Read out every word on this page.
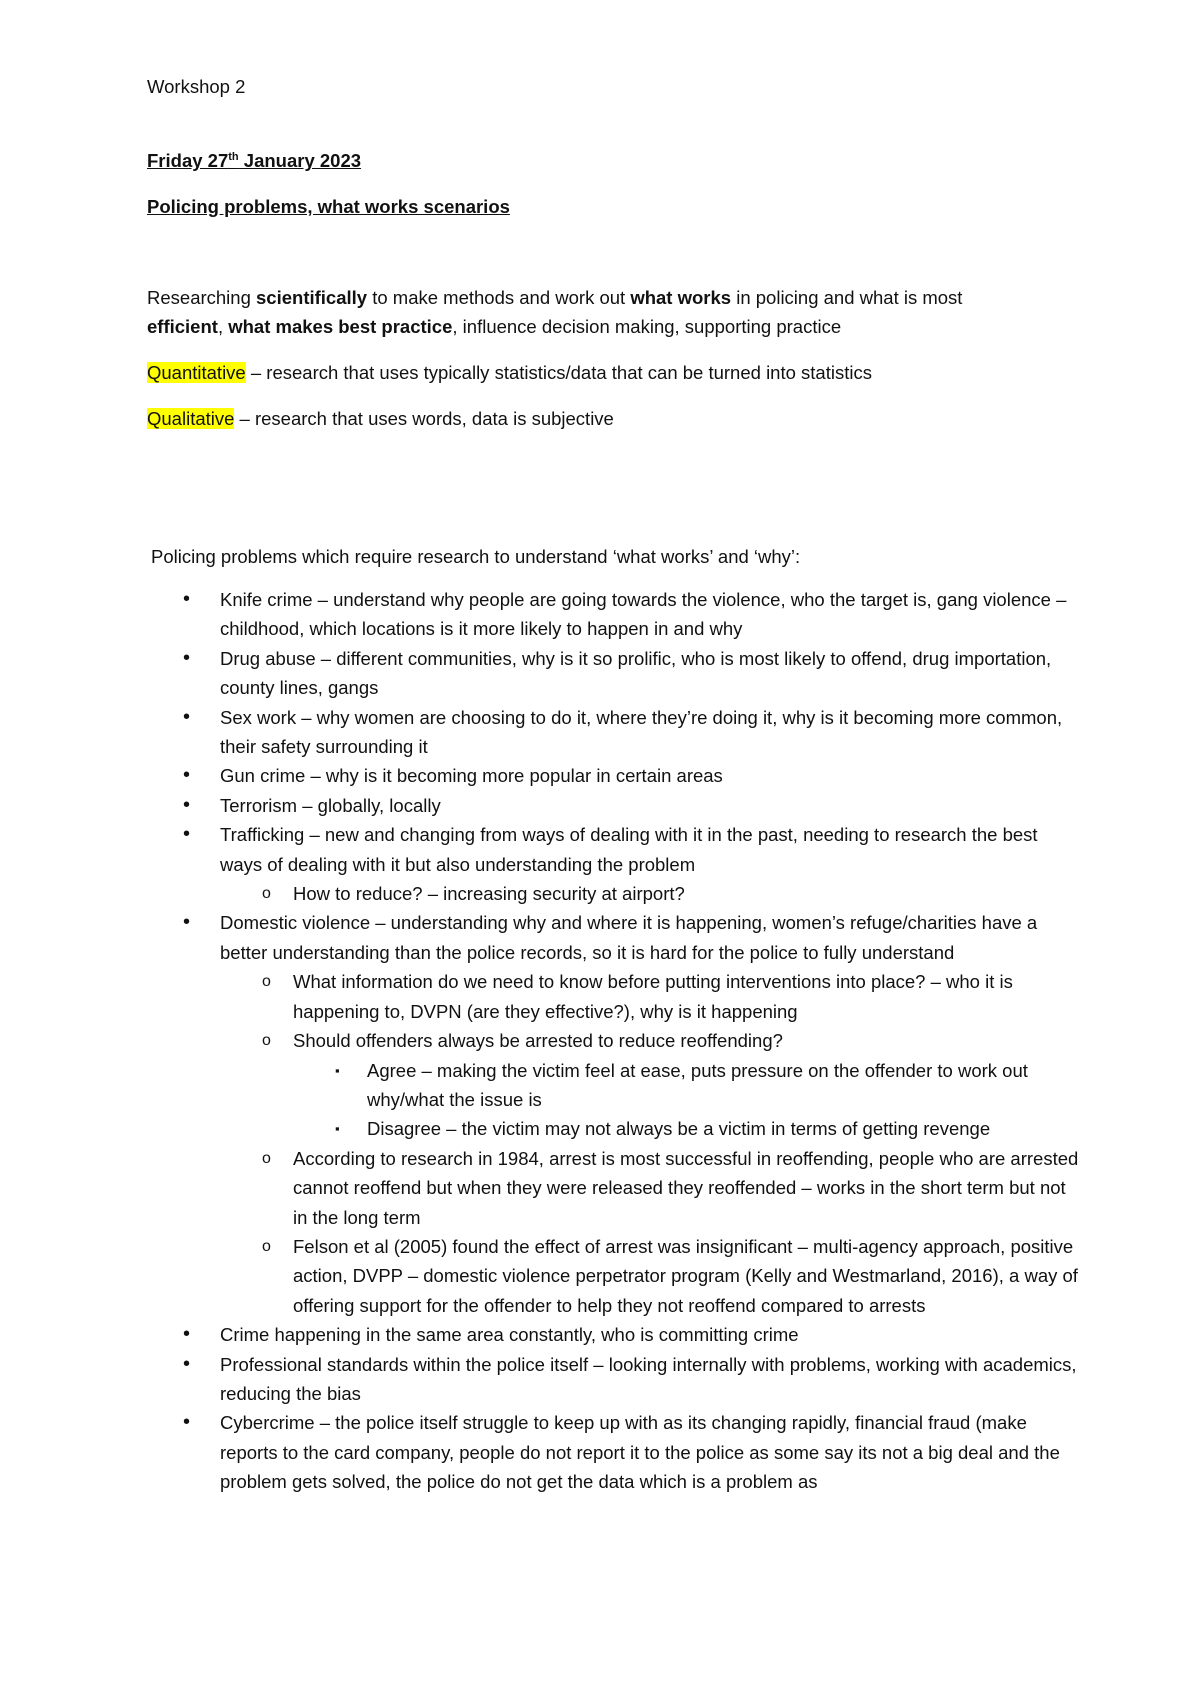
Workshop 2
Friday 27th January 2023
Policing problems, what works scenarios
Researching scientifically to make methods and work out what works in policing and what is most
efficient, what makes best practice, influence decision making, supporting practice
Quantitative – research that uses typically statistics/data that can be turned into statistics
Qualitative – research that uses words, data is subjective
Policing problems which require research to understand ‘what works’ and ‘why’:
• Knife crime – understand why people are going towards the violence, who the target is, gang violence – childhood, which locations is it more likely to happen in and why
• Drug abuse – different communities, why is it so prolific, who is most likely to offend, drug importation, county lines, gangs
• Sex work – why women are choosing to do it, where they’re doing it, why is it becoming more common, their safety surrounding it
• Gun crime – why is it becoming more popular in certain areas
• Terrorism – globally, locally
• Trafficking – new and changing from ways of dealing with it in the past, needing to research the best ways of dealing with it but also understanding the problem
o How to reduce? – increasing security at airport?
• Domestic violence – understanding why and where it is happening, women’s refuge/charities have a better understanding than the police records, so it is hard for the police to fully understand
o What information do we need to know before putting interventions into place? – who it is happening to, DVPN (are they effective?), why is it happening
o Should offenders always be arrested to reduce reoffending?
▪ Agree – making the victim feel at ease, puts pressure on the offender to work out why/what the issue is
▪ Disagree – the victim may not always be a victim in terms of getting revenge
o According to research in 1984, arrest is most successful in reoffending, people who are arrested cannot reoffend but when they were released they reoffended – works in the short term but not in the long term
o Felson et al (2005) found the effect of arrest was insignificant – multi-agency approach, positive action, DVPP – domestic violence perpetrator program (Kelly and Westmarland, 2016), a way of offering support for the offender to help they not reoffend compared to arrests
• Crime happening in the same area constantly, who is committing crime
• Professional standards within the police itself – looking internally with problems, working with academics, reducing the bias
• Cybercrime – the police itself struggle to keep up with as its changing rapidly, financial fraud (make reports to the card company, people do not report it to the police as some say its not a big deal and the problem gets solved, the police do not get the data which is a problem as
